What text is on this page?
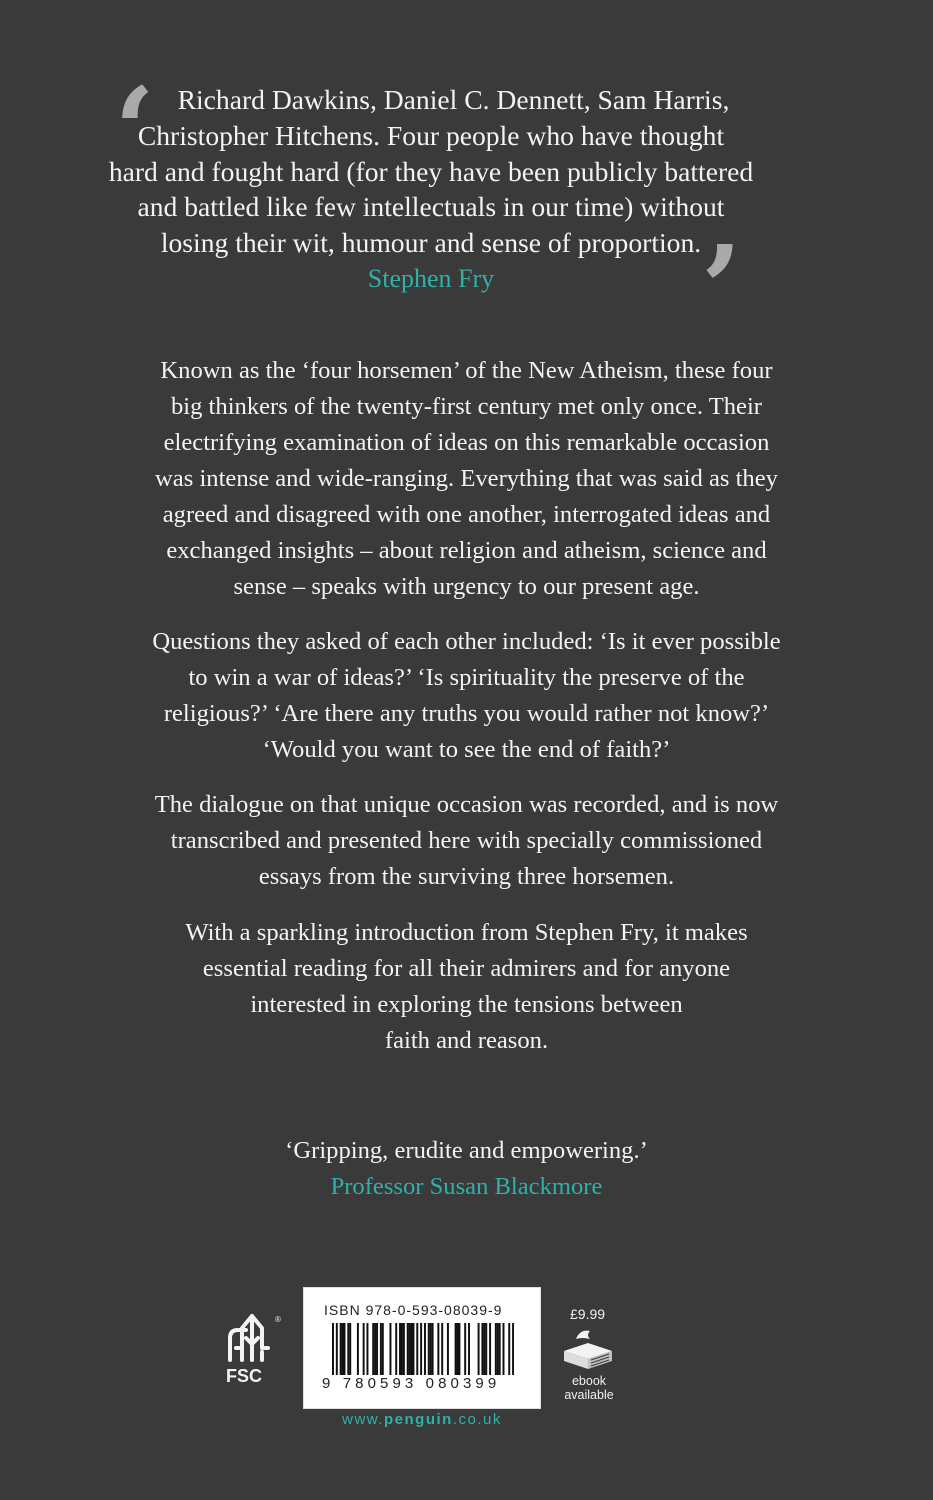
‘ Richard Dawkins, Daniel C. Dennett, Sam Harris,
Christopher Hitchens. Four people who have thought
hard and fought hard (for they have been publicly battered
and battled like few intellectuals in our time) without
losing their wit, humour and sense of proportion. ’
Stephen Fry
Known as the ‘four horsemen’ of the New Atheism, these four
big thinkers of the twenty-first century met only once. Their
electrifying examination of ideas on this remarkable occasion
was intense and wide-ranging. Everything that was said as they
agreed and disagreed with one another, interrogated ideas and
exchanged insights – about religion and atheism, science and
sense – speaks with urgency to our present age.
Questions they asked of each other included: ‘Is it ever possible
to win a war of ideas?’ ‘Is spirituality the preserve of the
religious?’ ‘Are there any truths you would rather not know?’
‘Would you want to see the end of faith?’
The dialogue on that unique occasion was recorded, and is now
transcribed and presented here with specially commissioned
essays from the surviving three horsemen.
With a sparkling introduction from Stephen Fry, it makes
essential reading for all their admirers and for anyone
interested in exploring the tensions between
faith and reason.
‘Gripping, erudite and empowering.’
Professor Susan Blackmore
®
FSC
ISBN 978-0-593-08039-9
9 780593 080399
£9.99
ebook
available
www.penguin.co.uk
